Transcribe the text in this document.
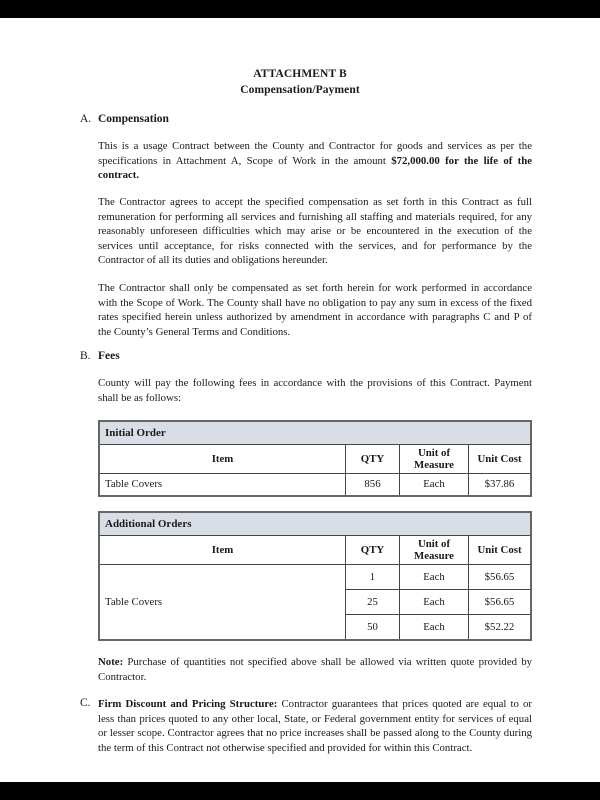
ATTACHMENT B
Compensation/Payment
A. Compensation
This is a usage Contract between the County and Contractor for goods and services as per the specifications in Attachment A, Scope of Work in the amount $72,000.00 for the life of the contract.
The Contractor agrees to accept the specified compensation as set forth in this Contract as full remuneration for performing all services and furnishing all staffing and materials required, for any reasonably unforeseen difficulties which may arise or be encountered in the execution of the services until acceptance, for risks connected with the services, and for performance by the Contractor of all its duties and obligations hereunder.
The Contractor shall only be compensated as set forth herein for work performed in accordance with the Scope of Work. The County shall have no obligation to pay any sum in excess of the fixed rates specified herein unless authorized by amendment in accordance with paragraphs C and P of the County’s General Terms and Conditions.
B. Fees
County will pay the following fees in accordance with the provisions of this Contract. Payment shall be as follows:
Initial Order			
Item	QTY	Unit of Measure	Unit Cost
Table Covers	856	Each	$37.86
Additional Orders			
Item	QTY	Unit of Measure	Unit Cost
Table Covers	1	Each	$56.65
	25	Each	$56.65
	50	Each	$52.22
Note: Purchase of quantities not specified above shall be allowed via written quote provided by Contractor.
C. Firm Discount and Pricing Structure: Contractor guarantees that prices quoted are equal to or less than prices quoted to any other local, State, or Federal government entity for services of equal or lesser scope. Contractor agrees that no price increases shall be passed along to the County during the term of this Contract not otherwise specified and provided for within this Contract.
